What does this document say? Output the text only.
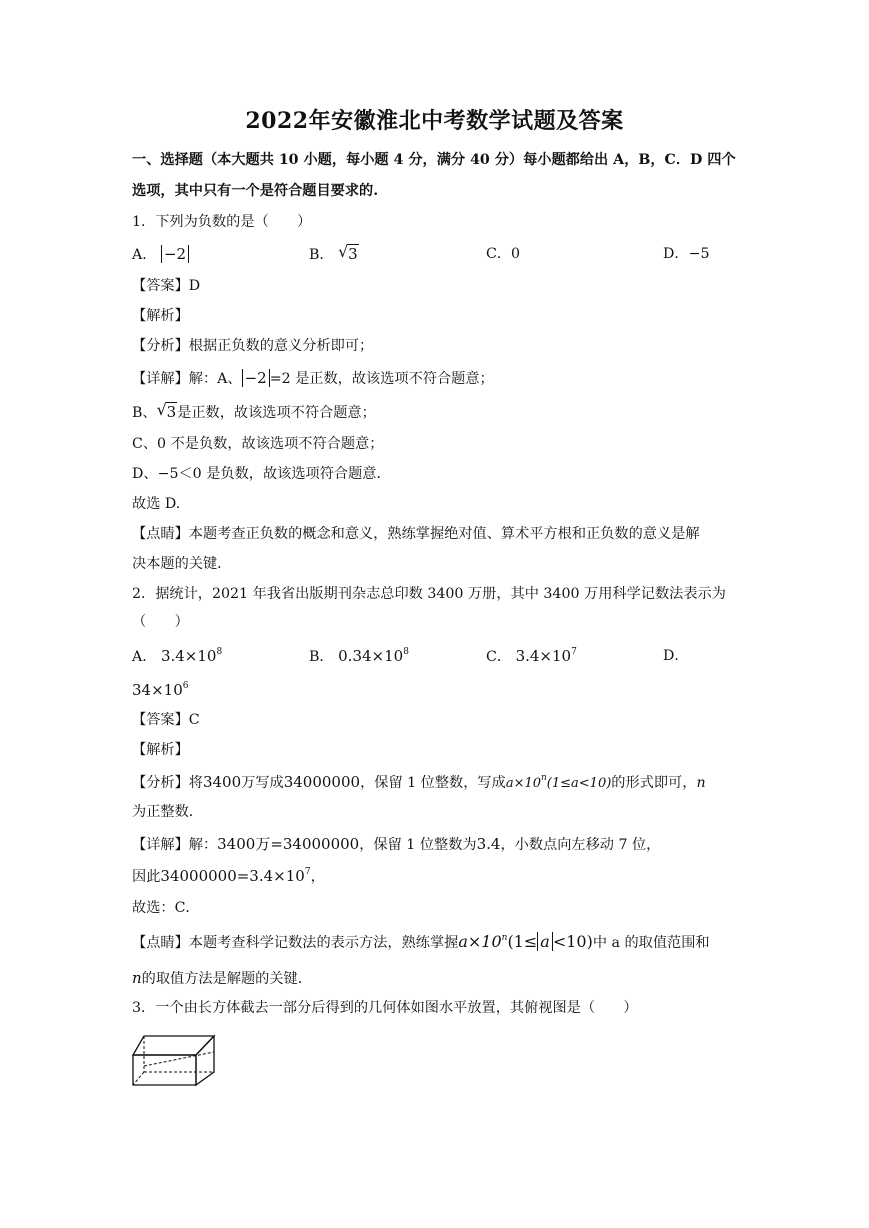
2022年安徽淮北中考数学试题及答案
一、选择题（本大题共 10 小题，每小题 4 分，满分 40 分）每小题都给出 A，B，C．D 四个
选项，其中只有一个是符合题目要求的.
1．下列为负数的是（　　）
A． −2	B． √ 3	C．0	D．−5
【答案】D
【解析】
【分析】根据正负数的意义分析即可；
【详解】解：A、 −2 =2 是正数，故该选项不符合题意；
B、 √ 3是正数，故该选项不符合题意；
C、0 不是负数，故该选项不符合题意；
D、−5＜0 是负数，故该选项符合题意．
故选 D.
【点睛】本题考查正负数的概念和意义，熟练掌握绝对值、算术平方根和正负数的意义是解
决本题的关键．
2．据统计，2021 年我省出版期刊杂志总印数 3400 万册，其中 3400 万用科学记数法表示为
（　　）
A． $3.4\times 10^8$	B． $0.34\times 10^8$	C． $3.4\times 10^7$	D．
$34\times 10^6$
【答案】C
【解析】
【分析】将3400万写成34000000，保留 1 位整数，写成$a\times 10^n(1\le a<10)$的形式即可，n
为正整数．
【详解】解：3400万=34000000，保留 1 位整数为3.4，小数点向左移动 7 位，
因此$34000000=3.4\times 10^7$，
故选：C．
【点睛】本题考查科学记数法的表示方法，熟练掌握$a\times 10^n(1\le a <10)$中 a 的取值范围和
n的取值方法是解题的关键．
3．一个由长方体截去一部分后得到的几何体如图水平放置，其俯视图是（　　）
